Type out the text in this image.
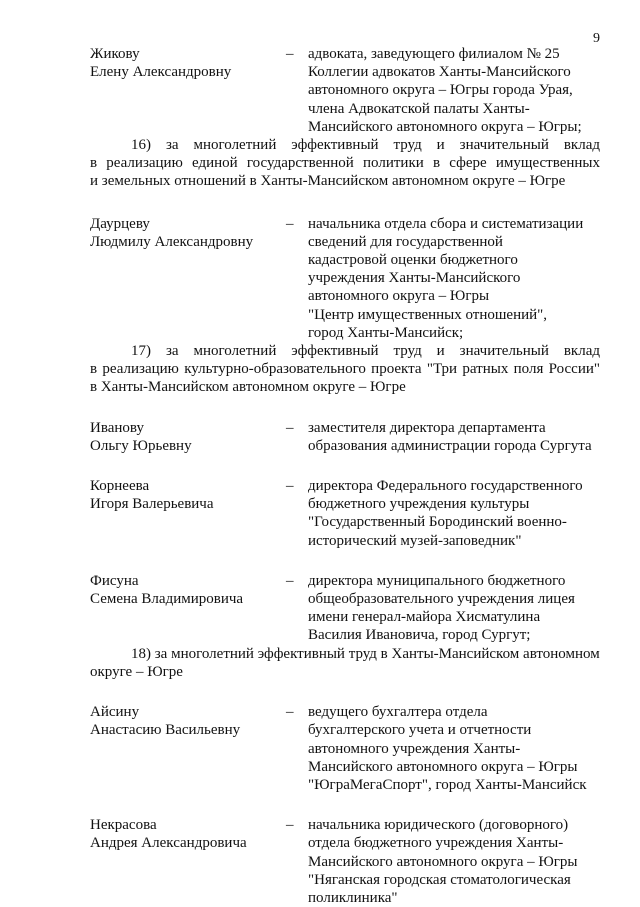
9
Жикову
Елену Александровну
– адвоката, заведующего филиалом № 25
Коллегии адвокатов Ханты-Мансийского
автономного округа – Югры города Урая,
члена Адвокатской палаты Ханты-
Мансийского автономного округа – Югры;
16) за многолетний эффективный труд и значительный вклад
в реализацию единой государственной политики в сфере имущественных
и земельных отношений в Ханты-Мансийском автономном округе – Югре
Даурцеву
Людмилу Александровну
– начальника отдела сбора и систематизации
сведений для государственной
кадастровой оценки бюджетного
учреждения Ханты-Мансийского
автономного округа – Югры
"Центр имущественных отношений",
город Ханты-Мансийск;
17) за многолетний эффективный труд и значительный вклад
в реализацию культурно-образовательного проекта "Три ратных поля России"
в Ханты-Мансийском автономном округе – Югре
Иванову
Ольгу Юрьевну
– заместителя директора департамента
образования администрации города Сургута
Корнеева
Игоря Валерьевича
– директора Федерального государственного
бюджетного учреждения культуры
"Государственный Бородинский военно-
исторический музей-заповедник"
Фисуна
Семена Владимировича
– директора муниципального бюджетного
общеобразовательного учреждения лицея
имени генерал-майора Хисматулина
Василия Ивановича, город Сургут;
18) за многолетний эффективный труд в Ханты-Мансийском автономном
округе – Югре
Айсину
Анастасию Васильевну
– ведущего бухгалтера отдела
бухгалтерского учета и отчетности
автономного учреждения Ханты-
Мансийского автономного округа – Югры
"ЮграМегаСпорт", город Ханты-Мансийск
Некрасова
Андрея Александровича
– начальника юридического (договорного)
отдела бюджетного учреждения Ханты-
Мансийского автономного округа – Югры
"Няганская городская стоматологическая
поликлиника"
